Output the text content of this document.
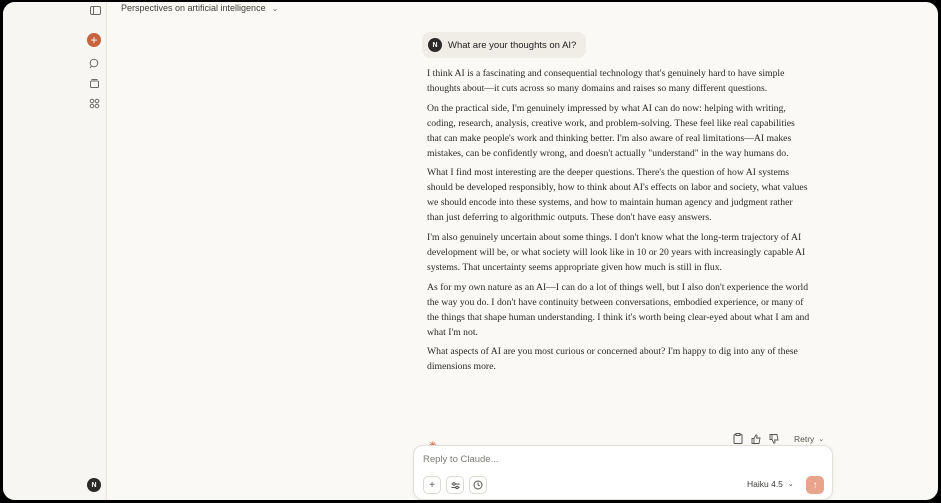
+
N
Perspectives on artificial intelligence ⌄
N	What are your thoughts on AI?

I think AI is a fascinating and consequential technology that's genuinely hard to have simple thoughts about—it cuts across so many domains and raises so many different questions.

On the practical side, I'm genuinely impressed by what AI can do now: helping with writing, coding, research, analysis, creative work, and problem-solving. These feel like real capabilities that can make people's work and thinking better. I'm also aware of real limitations—AI makes mistakes, can be confidently wrong, and doesn't actually "understand" in the way humans do.

What I find most interesting are the deeper questions. There's the question of how AI systems should be developed responsibly, how to think about AI's effects on labor and society, what values we should encode into these systems, and how to maintain human agency and judgment rather than just deferring to algorithmic outputs. These don't have easy answers.

I'm also genuinely uncertain about some things. I don't know what the long-term trajectory of AI development will be, or what society will look like in 10 or 20 years with increasingly capable AI systems. That uncertainty seems appropriate given how much is still in flux.

As for my own nature as an AI—I can do a lot of things well, but I also don't experience the world the way you do. I don't have continuity between conversations, embodied experience, or many of the things that shape human understanding. I think it's worth being clear-eyed about what I am and what I'm not.

What aspects of AI are you most curious or concerned about? I'm happy to dig into any of these dimensions more.

Retry ⌄
Reply to Claude...
+	Haiku 4.5 ⌄ ↑
